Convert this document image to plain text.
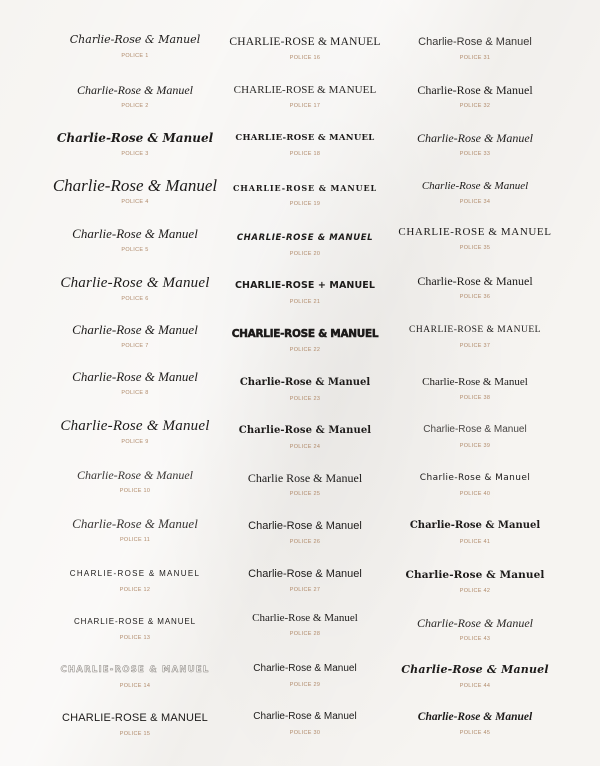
Charlie-Rose & Manuel
POLICE 1
Charlie-Rose & Manuel
POLICE 2
Charlie-Rose & Manuel
POLICE 3
Charlie-Rose & Manuel
POLICE 4
Charlie-Rose & Manuel
POLICE 5
Charlie-Rose & Manuel
POLICE 6
Charlie-Rose & Manuel
POLICE 7
Charlie-Rose & Manuel
POLICE 8
Charlie-Rose & Manuel
POLICE 9
Charlie-Rose & Manuel
POLICE 10
Charlie-Rose & Manuel
POLICE 11
CHARLIE-ROSE & MANUEL
POLICE 12
CHARLIE-ROSE & MANUEL
POLICE 13
CHARLIE-ROSE & MANUEL
POLICE 14
CHARLIE-ROSE & MANUEL
POLICE 15
CHARLIE-ROSE & MANUEL
POLICE 16
CHARLIE-ROSE & MANUEL
POLICE 17
CHARLIE-ROSE & MANUEL
POLICE 18
CHARLIE-ROSE & MANUEL
POLICE 19
CHARLIE-ROSE & MANUEL
POLICE 20
CHARLIE-ROSE + MANUEL
POLICE 21
CHARLIE-ROSE & MANUEL
POLICE 22
Charlie-Rose & Manuel
POLICE 23
Charlie-Rose & Manuel
POLICE 24
Charlie Rose & Manuel
POLICE 25
Charlie-Rose & Manuel
POLICE 26
Charlie-Rose & Manuel
POLICE 27
Charlie-Rose & Manuel
POLICE 28
Charlie-Rose & Manuel
POLICE 29
Charlie-Rose & Manuel
POLICE 30
Charlie-Rose & Manuel
POLICE 31
Charlie-Rose & Manuel
POLICE 32
Charlie-Rose & Manuel
POLICE 33
Charlie-Rose & Manuel
POLICE 34
CHARLIE-ROSE & MANUEL
POLICE 35
Charlie-Rose & Manuel
POLICE 36
CHARLIE-ROSE & MANUEL
POLICE 37
Charlie-Rose & Manuel
POLICE 38
Charlie-Rose & Manuel
POLICE 39
Charlie-Rose & Manuel
POLICE 40
Charlie-Rose & Manuel
POLICE 41
Charlie-Rose & Manuel
POLICE 42
Charlie-Rose & Manuel
POLICE 43
Charlie-Rose & Manuel
POLICE 44
Charlie-Rose & Manuel
POLICE 45
